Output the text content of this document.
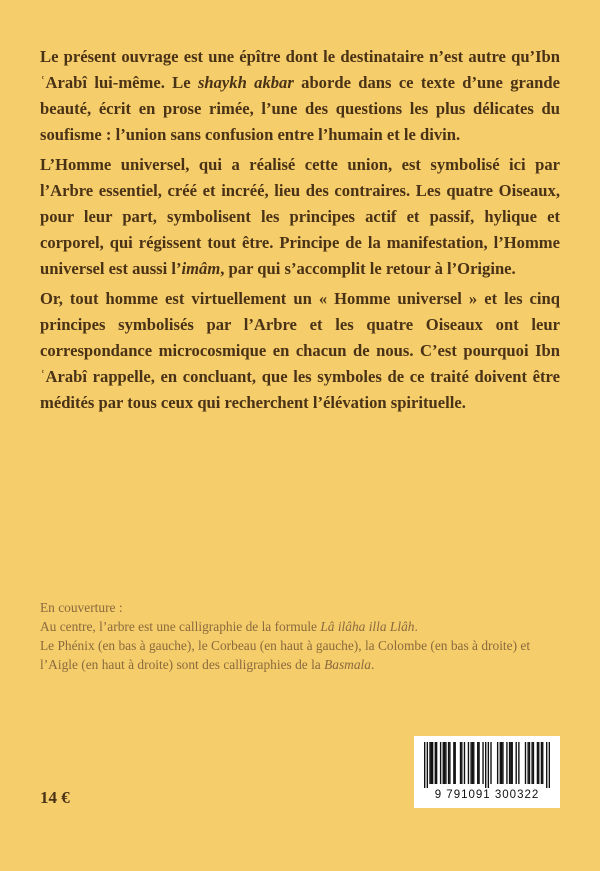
Le présent ouvrage est une épître dont le destinataire n’est autre qu’Ibn ʿArabî lui-même. Le shaykh akbar aborde dans ce texte d’une grande beauté, écrit en prose rimée, l’une des questions les plus délicates du soufisme : l’union sans confusion entre l’humain et le divin.

L’Homme universel, qui a réalisé cette union, est symbolisé ici par l’Arbre essentiel, créé et incréé, lieu des contraires. Les quatre Oiseaux, pour leur part, symbolisent les principes actif et passif, hylique et corporel, qui régissent tout être. Principe de la manifestation, l’Homme universel est aussi l’imâm, par qui s’accomplit le retour à l’Origine.

Or, tout homme est virtuellement un « Homme universel » et les cinq principes symbolisés par l’Arbre et les quatre Oiseaux ont leur correspondance microcosmique en chacun de nous. C’est pourquoi Ibn ʿArabî rappelle, en concluant, que les symboles de ce traité doivent être médités par tous ceux qui recherchent l’élévation spirituelle.

En couverture :

Au centre, l’arbre est une calligraphie de la formule Lâ ilâha illa Llâh.

Le Phénix (en bas à gauche), le Corbeau (en haut à gauche), la Colombe (en bas à droite) et l’Aigle (en haut à droite) sont des calligraphies de la Basmala.

14 €	9 791091 300322
